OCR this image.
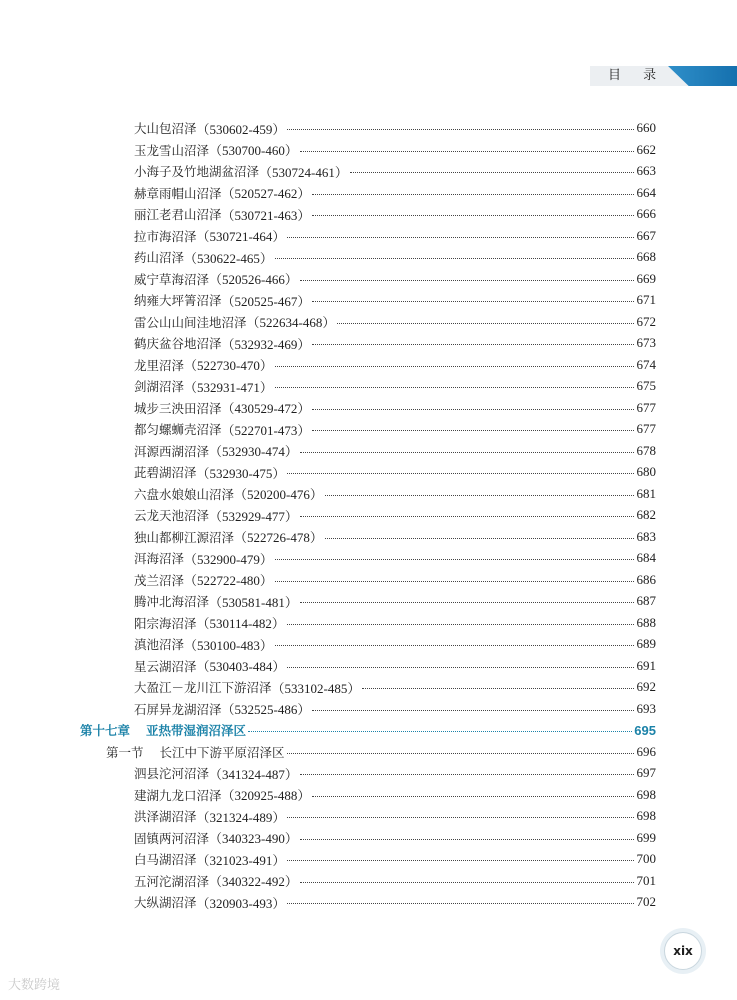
目 录
大山包沼泽 （530602-459）	660
玉龙雪山沼泽 （530700-460）	662
小海子及竹地湖盆沼泽 （530724-461）	663
赫章雨帽山沼泽 （520527-462）	664
丽江老君山沼泽 （530721-463）	666
拉市海沼泽 （530721-464）	667
药山沼泽 （530622-465）	668
威宁草海沼泽 （520526-466）	669
纳雍大坪箐沼泽 （520525-467）	671
雷公山山间洼地沼泽 （522634-468）	672
鹤庆盆谷地沼泽 （532932-469）	673
龙里沼泽 （522730-470）	674
剑湖沼泽 （532931-471）	675
城步三泱田沼泽 （430529-472）	677
都匀螺蛳壳沼泽 （522701-473）	677
洱源西湖沼泽 （532930-474）	678
茈碧湖沼泽 （532930-475）	680
六盘水娘娘山沼泽 （520200-476）	681
云龙天池沼泽 （532929-477）	682
独山都柳江源沼泽 （522726-478）	683
洱海沼泽 （532900-479）	684
茂兰沼泽 （522722-480）	686
腾冲北海沼泽 （530581-481）	687
阳宗海沼泽 （530114-482）	688
滇池沼泽 （530100-483）	689
星云湖沼泽 （530403-484）	691
大盈江－龙川江下游沼泽 （533102-485）	692
石屏异龙湖沼泽 （532525-486）	693
第十七章 亚热带湿润沼泽区	695
第一节 长江中下游平原沼泽区	696
泗县沱河沼泽 （341324-487）	697
建湖九龙口沼泽 （320925-488）	698
洪泽湖沼泽 （321324-489）	698
固镇两河沼泽 （340323-490）	699
白马湖沼泽 （321023-491）	700
五河沱湖沼泽 （340322-492）	701
大纵湖沼泽 （320903-493）	702
xix
大数跨境
